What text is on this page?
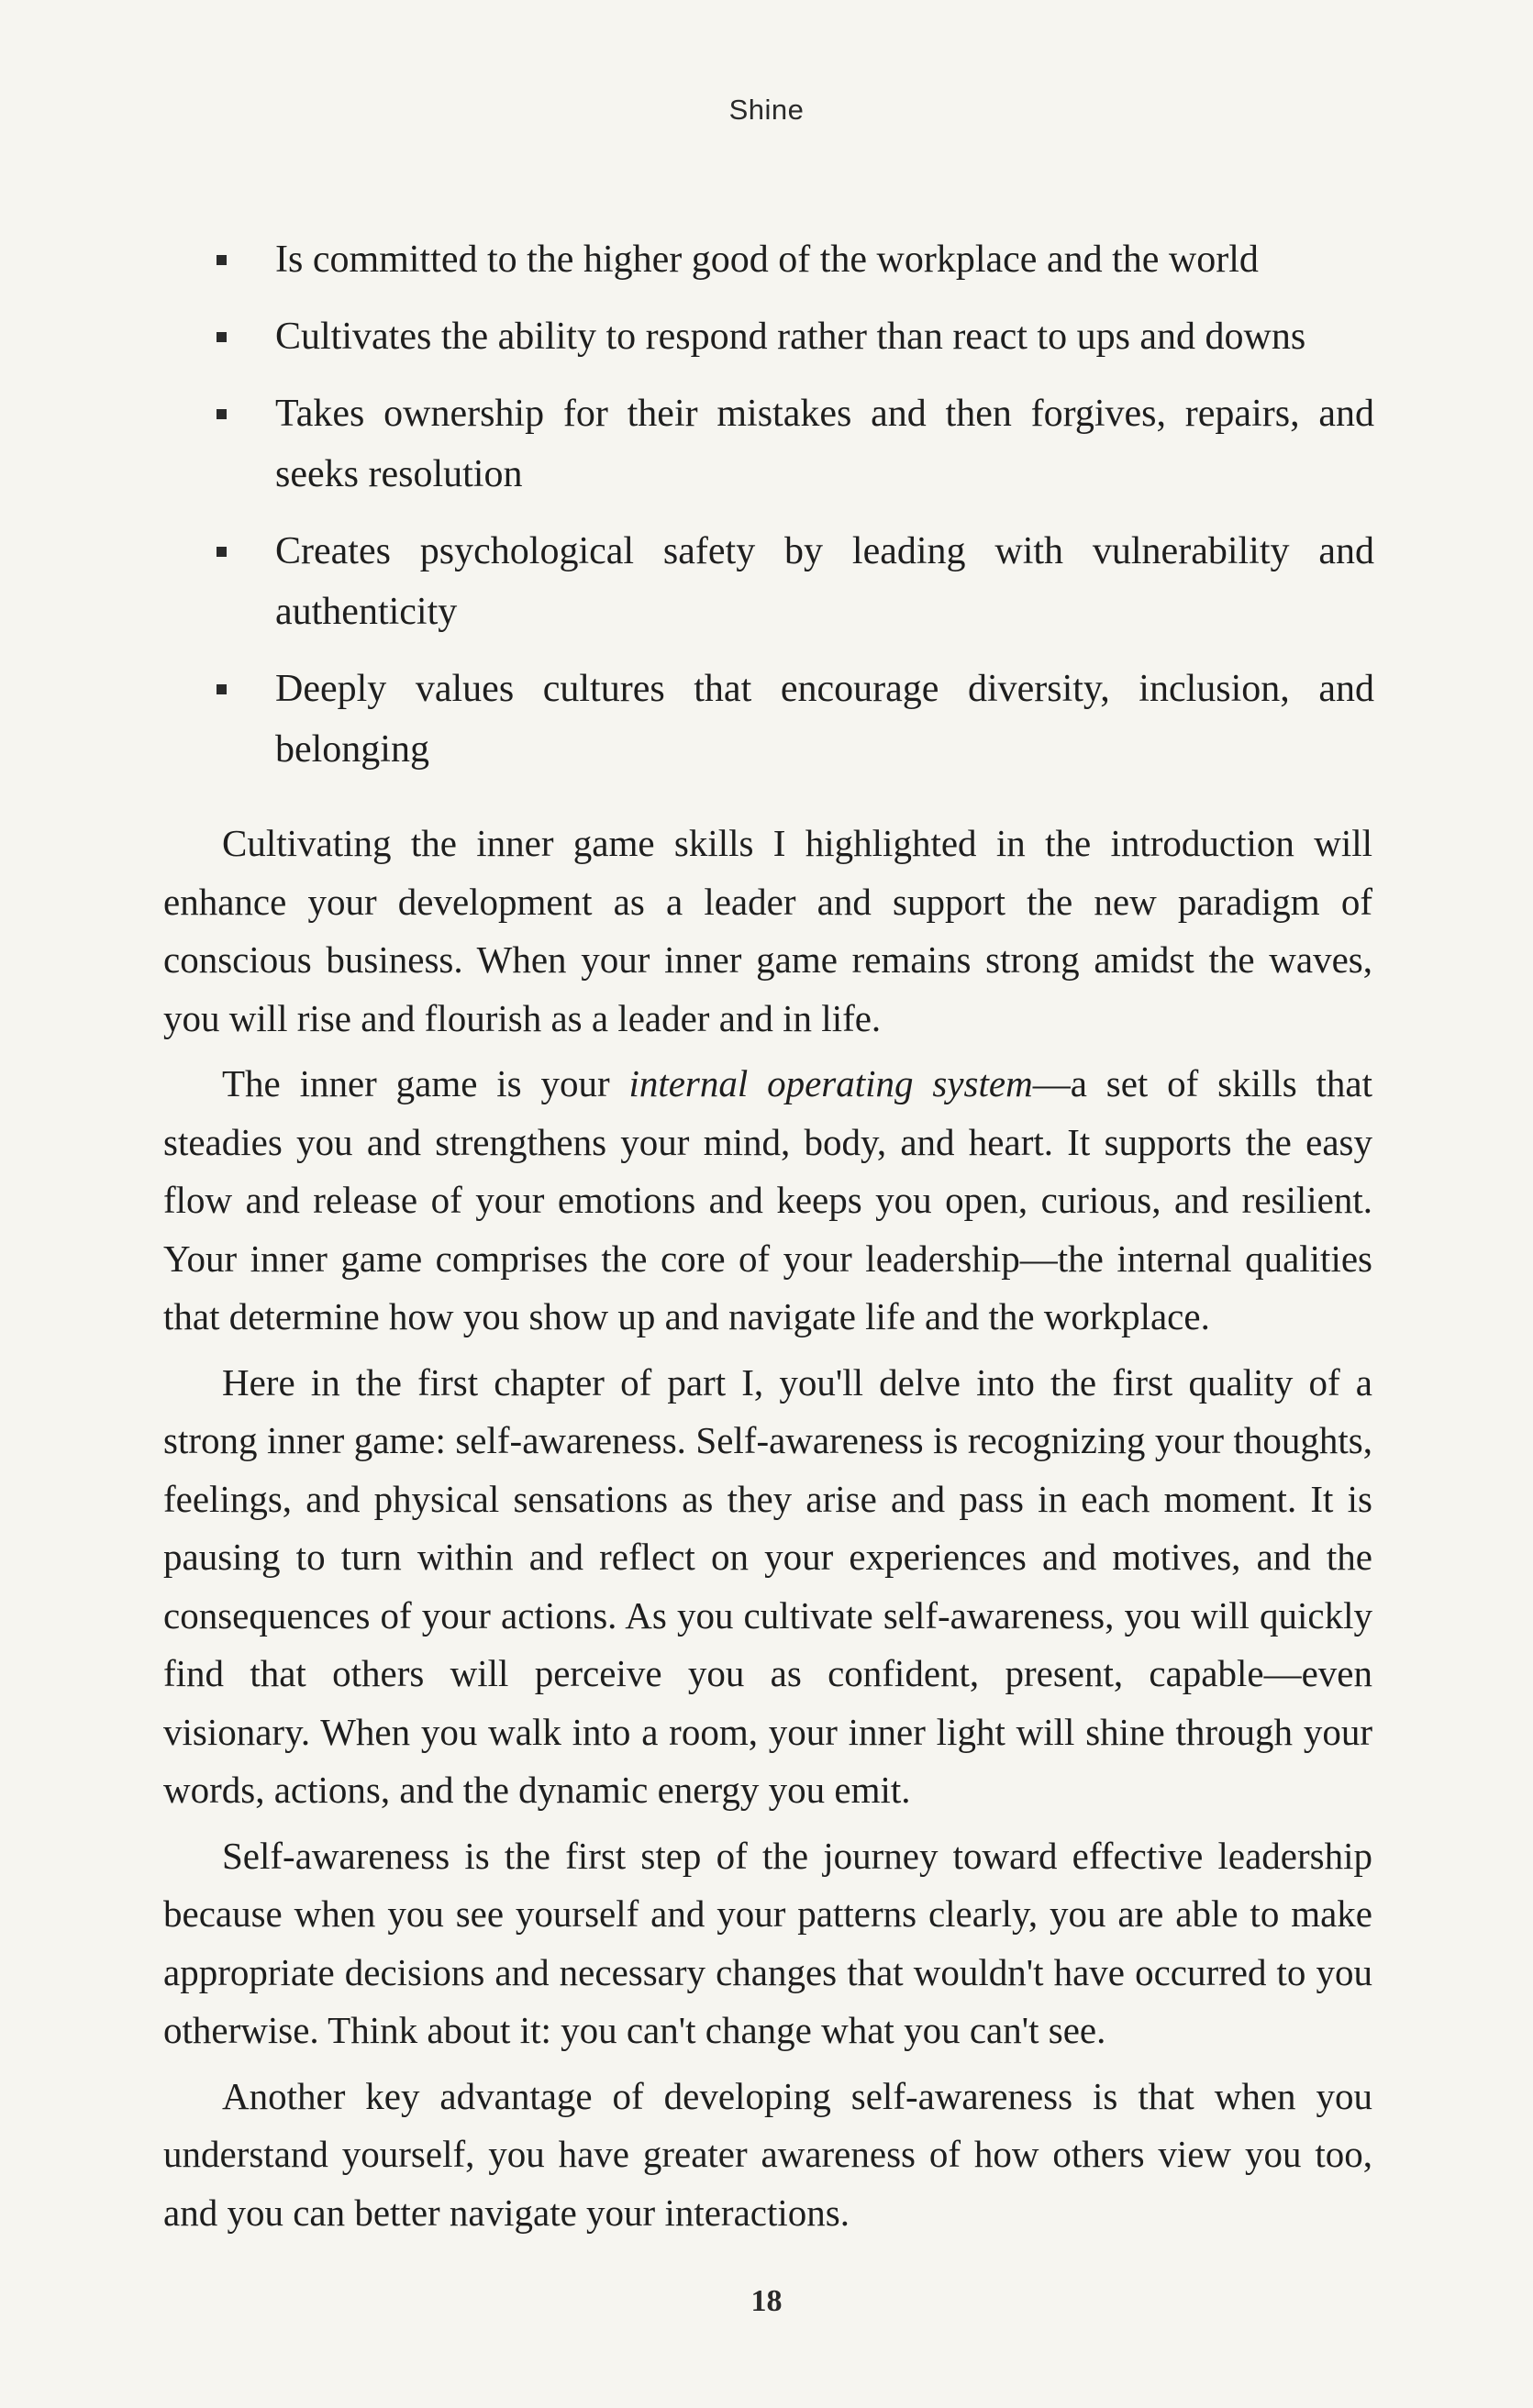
Shine
Is committed to the higher good of the workplace and the world
Cultivates the ability to respond rather than react to ups and downs
Takes ownership for their mistakes and then forgives, repairs, and seeks resolution
Creates psychological safety by leading with vulnerability and authenticity
Deeply values cultures that encourage diversity, inclusion, and belonging

Cultivating the inner game skills I highlighted in the introduction will enhance your development as a leader and support the new paradigm of conscious business. When your inner game remains strong amidst the waves, you will rise and flourish as a leader and in life.

The inner game is your internal operating system—a set of skills that steadies you and strengthens your mind, body, and heart. It supports the easy flow and release of your emotions and keeps you open, curious, and resilient. Your inner game comprises the core of your leadership—the internal qualities that determine how you show up and navigate life and the workplace.

Here in the first chapter of part I, you'll delve into the first quality of a strong inner game: self-awareness. Self-awareness is recognizing your thoughts, feelings, and physical sensations as they arise and pass in each moment. It is pausing to turn within and reflect on your experiences and motives, and the consequences of your actions. As you cultivate self-awareness, you will quickly find that others will perceive you as confident, present, capable—even visionary. When you walk into a room, your inner light will shine through your words, actions, and the dynamic energy you emit.

Self-awareness is the first step of the journey toward effective leadership because when you see yourself and your patterns clearly, you are able to make appropriate decisions and necessary changes that wouldn't have occurred to you otherwise. Think about it: you can't change what you can't see.

Another key advantage of developing self-awareness is that when you understand yourself, you have greater awareness of how others view you too, and you can better navigate your interactions.

18
